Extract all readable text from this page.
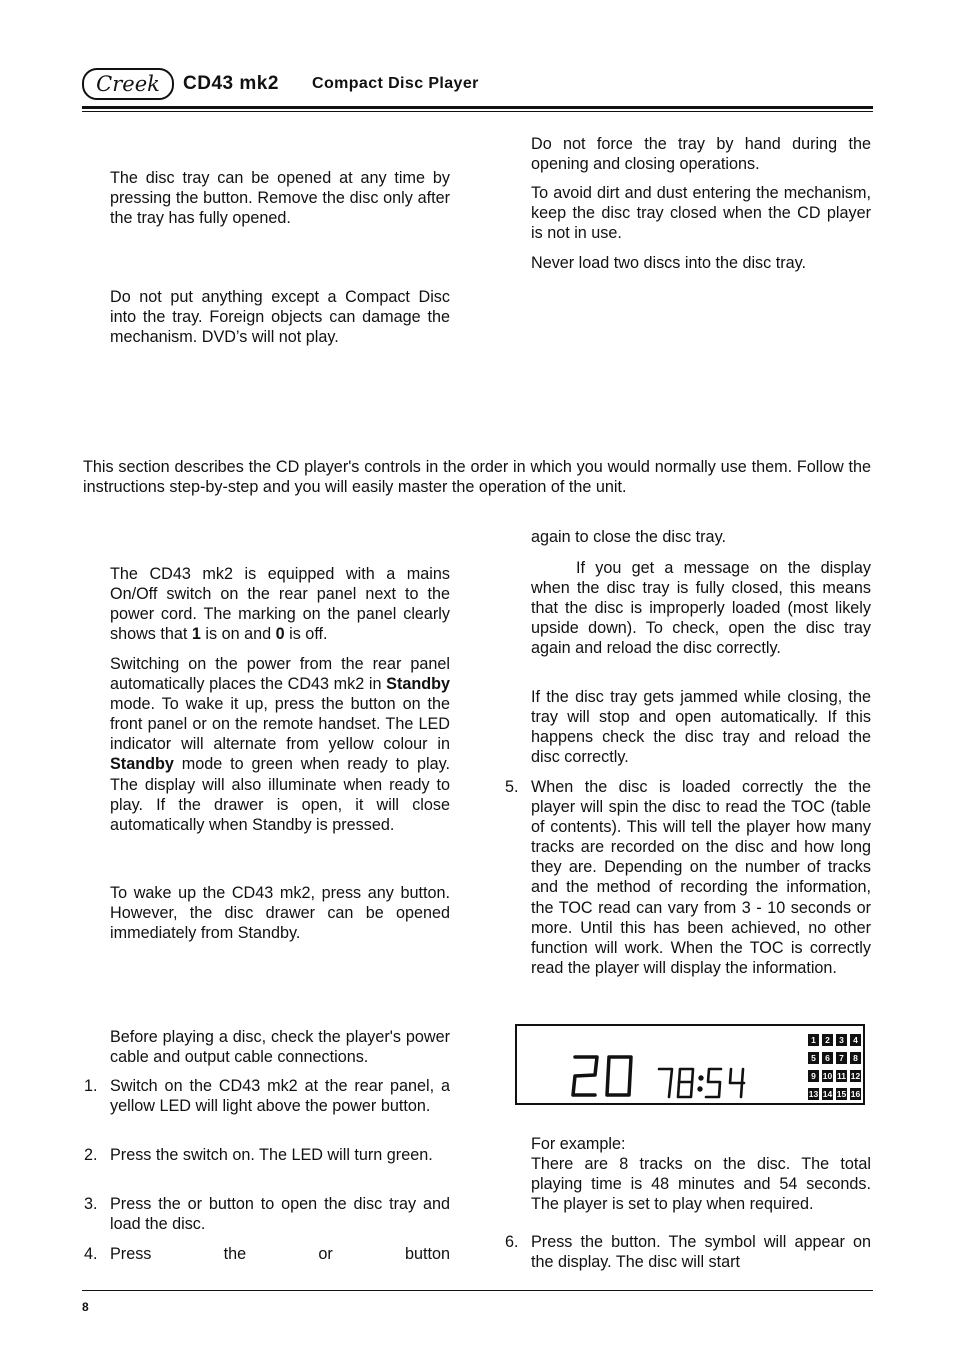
Creek CD43 mk2 Compact Disc Player

The disc tray can be opened at any time by pressing the button. Remove the disc only after the tray has fully opened.

Do not put anything except a Compact Disc into the tray. Foreign objects can damage the mechanism. DVD’s will not play.

Do not force the tray by hand during the opening and closing operations.

To avoid dirt and dust entering the mechanism, keep the disc tray closed when the CD player is not in use.

Never load two discs into the disc tray.

This section describes the CD player's controls in the order in which you would normally use them. Follow the instructions step-by-step and you will easily master the operation of the unit.

The CD43 mk2 is equipped with a mains On/Off switch on the rear panel next to the power cord. The marking on the panel clearly shows that 1 is on and 0 is off.

Switching on the power from the rear panel automatically places the CD43 mk2 in Standby mode. To wake it up, press the button on the front panel or on the remote handset. The LED indicator will alternate from yellow colour in Standby mode to green when ready to play. The display will also illuminate when ready to play. If the drawer is open, it will close automatically when Standby is pressed.

To wake up the CD43 mk2, press any button. However, the disc drawer can be opened immediately from Standby.

Before playing a disc, check the player's power cable and output cable connections.

1. Switch on the CD43 mk2 at the rear panel, a yellow LED will light above the power button.

2. Press the switch on. The LED will turn green.

3. Press the or button to open the disc tray and load the disc.

4. Press the or button

again to close the disc tray.

If you get a message on the display when the disc tray is fully closed, this means that the disc is improperly loaded (most likely upside down). To check, open the disc tray again and reload the disc correctly.

If the disc tray gets jammed while closing, the tray will stop and open automatically. If this happens check the disc tray and reload the disc correctly.

5. When the disc is loaded correctly the the player will spin the disc to read the TOC (table of contents). This will tell the player how many tracks are recorded on the disc and how long they are. Depending on the number of tracks and the method of recording the information, the TOC read can vary from 3 - 10 seconds or more. Until this has been achieved, no other function will work. When the TOC is correctly read the player will display the information.

1	2	3	4
5	6	7	8
9 10 11 12
13 14 15 16

For example:

There are 8 tracks on the disc. The total playing time is 48 minutes and 54 seconds. The player is set to play when required.

6. Press the button. The symbol will appear on the display. The disc will start

8
